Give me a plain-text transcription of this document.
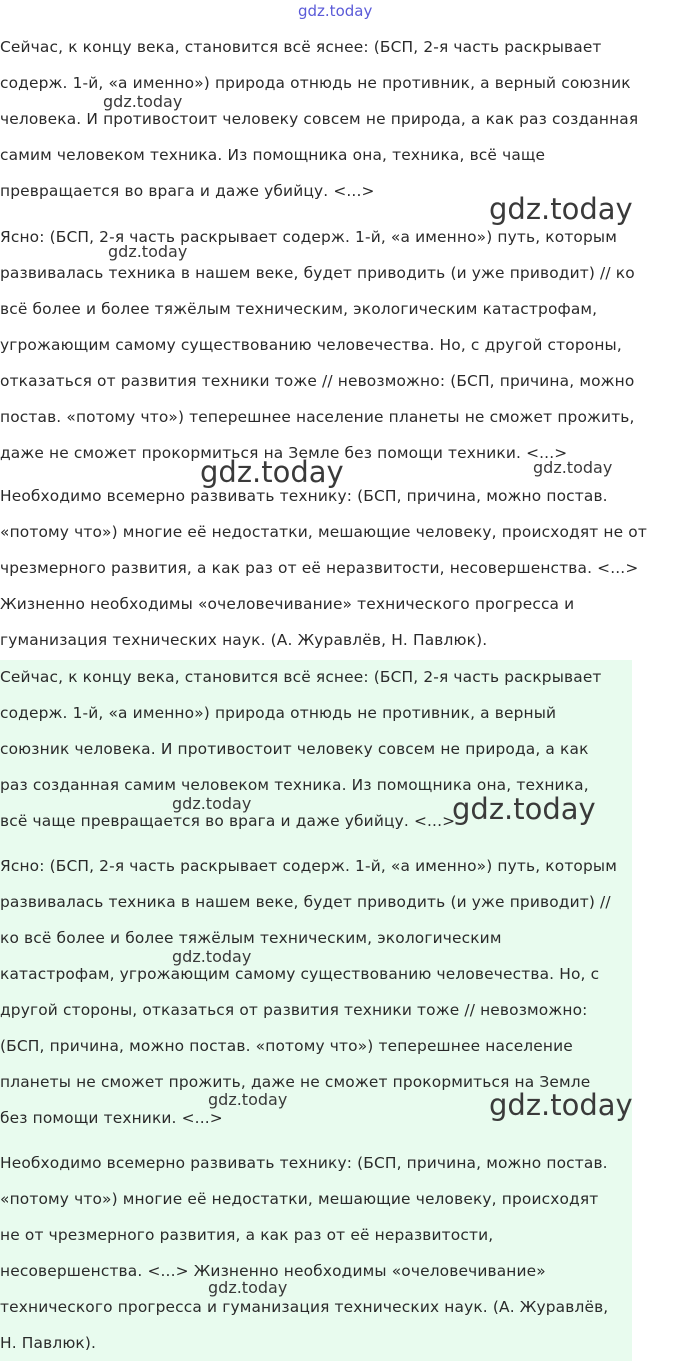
Сейчас, к концу века, становится всё яснее: (БСП, 2-я часть раскрывает

содерж. 1-й, «а именно») природа отнюдь не противник, а верный союзник

человека. И противостоит человеку совсем не природа, а как раз созданная

самим человеком техника. Из помощника она, техника, всё чаще

превращается во врага и даже убийцу. <...>

Ясно: (БСП, 2-я часть раскрывает содерж. 1-й, «а именно») путь, которым

развивалась техника в нашем веке, будет приводить (и уже приводит) // ко

всё более и более тяжёлым техническим, экологическим катастрофам,

угрожающим самому существованию человечества. Но, с другой стороны,

отказаться от развития техники тоже // невозможно: (БСП, причина, можно

постав. «потому что») теперешнее население планеты не сможет прожить,

даже не сможет прокормиться на Земле без помощи техники. <...>

Необходимо всемерно развивать технику: (БСП, причина, можно постав.

«потому что») многие её недостатки, мешающие человеку, происходят не от

чрезмерного развития, а как раз от её неразвитости, несовершенства. <...>

Жизненно необходимы «очеловечивание» технического прогресса и

гуманизация технических наук. (А. Журавлёв, Н. Павлюк).

Сейчас, к концу века, становится всё яснее: (БСП, 2-я часть раскрывает

содерж. 1-й, «а именно») природа отнюдь не противник, а верный

союзник человека. И противостоит человеку совсем не природа, а как

раз созданная самим человеком техника. Из помощника она, техника,

всё чаще превращается во врага и даже убийцу. <...>

Ясно: (БСП, 2-я часть раскрывает содерж. 1-й, «а именно») путь, которым

развивалась техника в нашем веке, будет приводить (и уже приводит) //

ко всё более и более тяжёлым техническим, экологическим

катастрофам, угрожающим самому существованию человечества. Но, с

другой стороны, отказаться от развития техники тоже // невозможно:

(БСП, причина, можно постав. «потому что») теперешнее население

планеты не сможет прожить, даже не сможет прокормиться на Земле

без помощи техники. <...>

Необходимо всемерно развивать технику: (БСП, причина, можно постав.

«потому что») многие её недостатки, мешающие человеку, происходят

не от чрезмерного развития, а как раз от её неразвитости,

несовершенства. <...> Жизненно необходимы «очеловечивание»

технического прогресса и гуманизация технических наук. (А. Журавлёв,

Н. Павлюк).

gdz.today
gdz.today
gdz.today
gdz.today
gdz.today	gdz.today
gdz.today	gdz.today
gdz.today
gdz.today	gdz.today
gdz.today
